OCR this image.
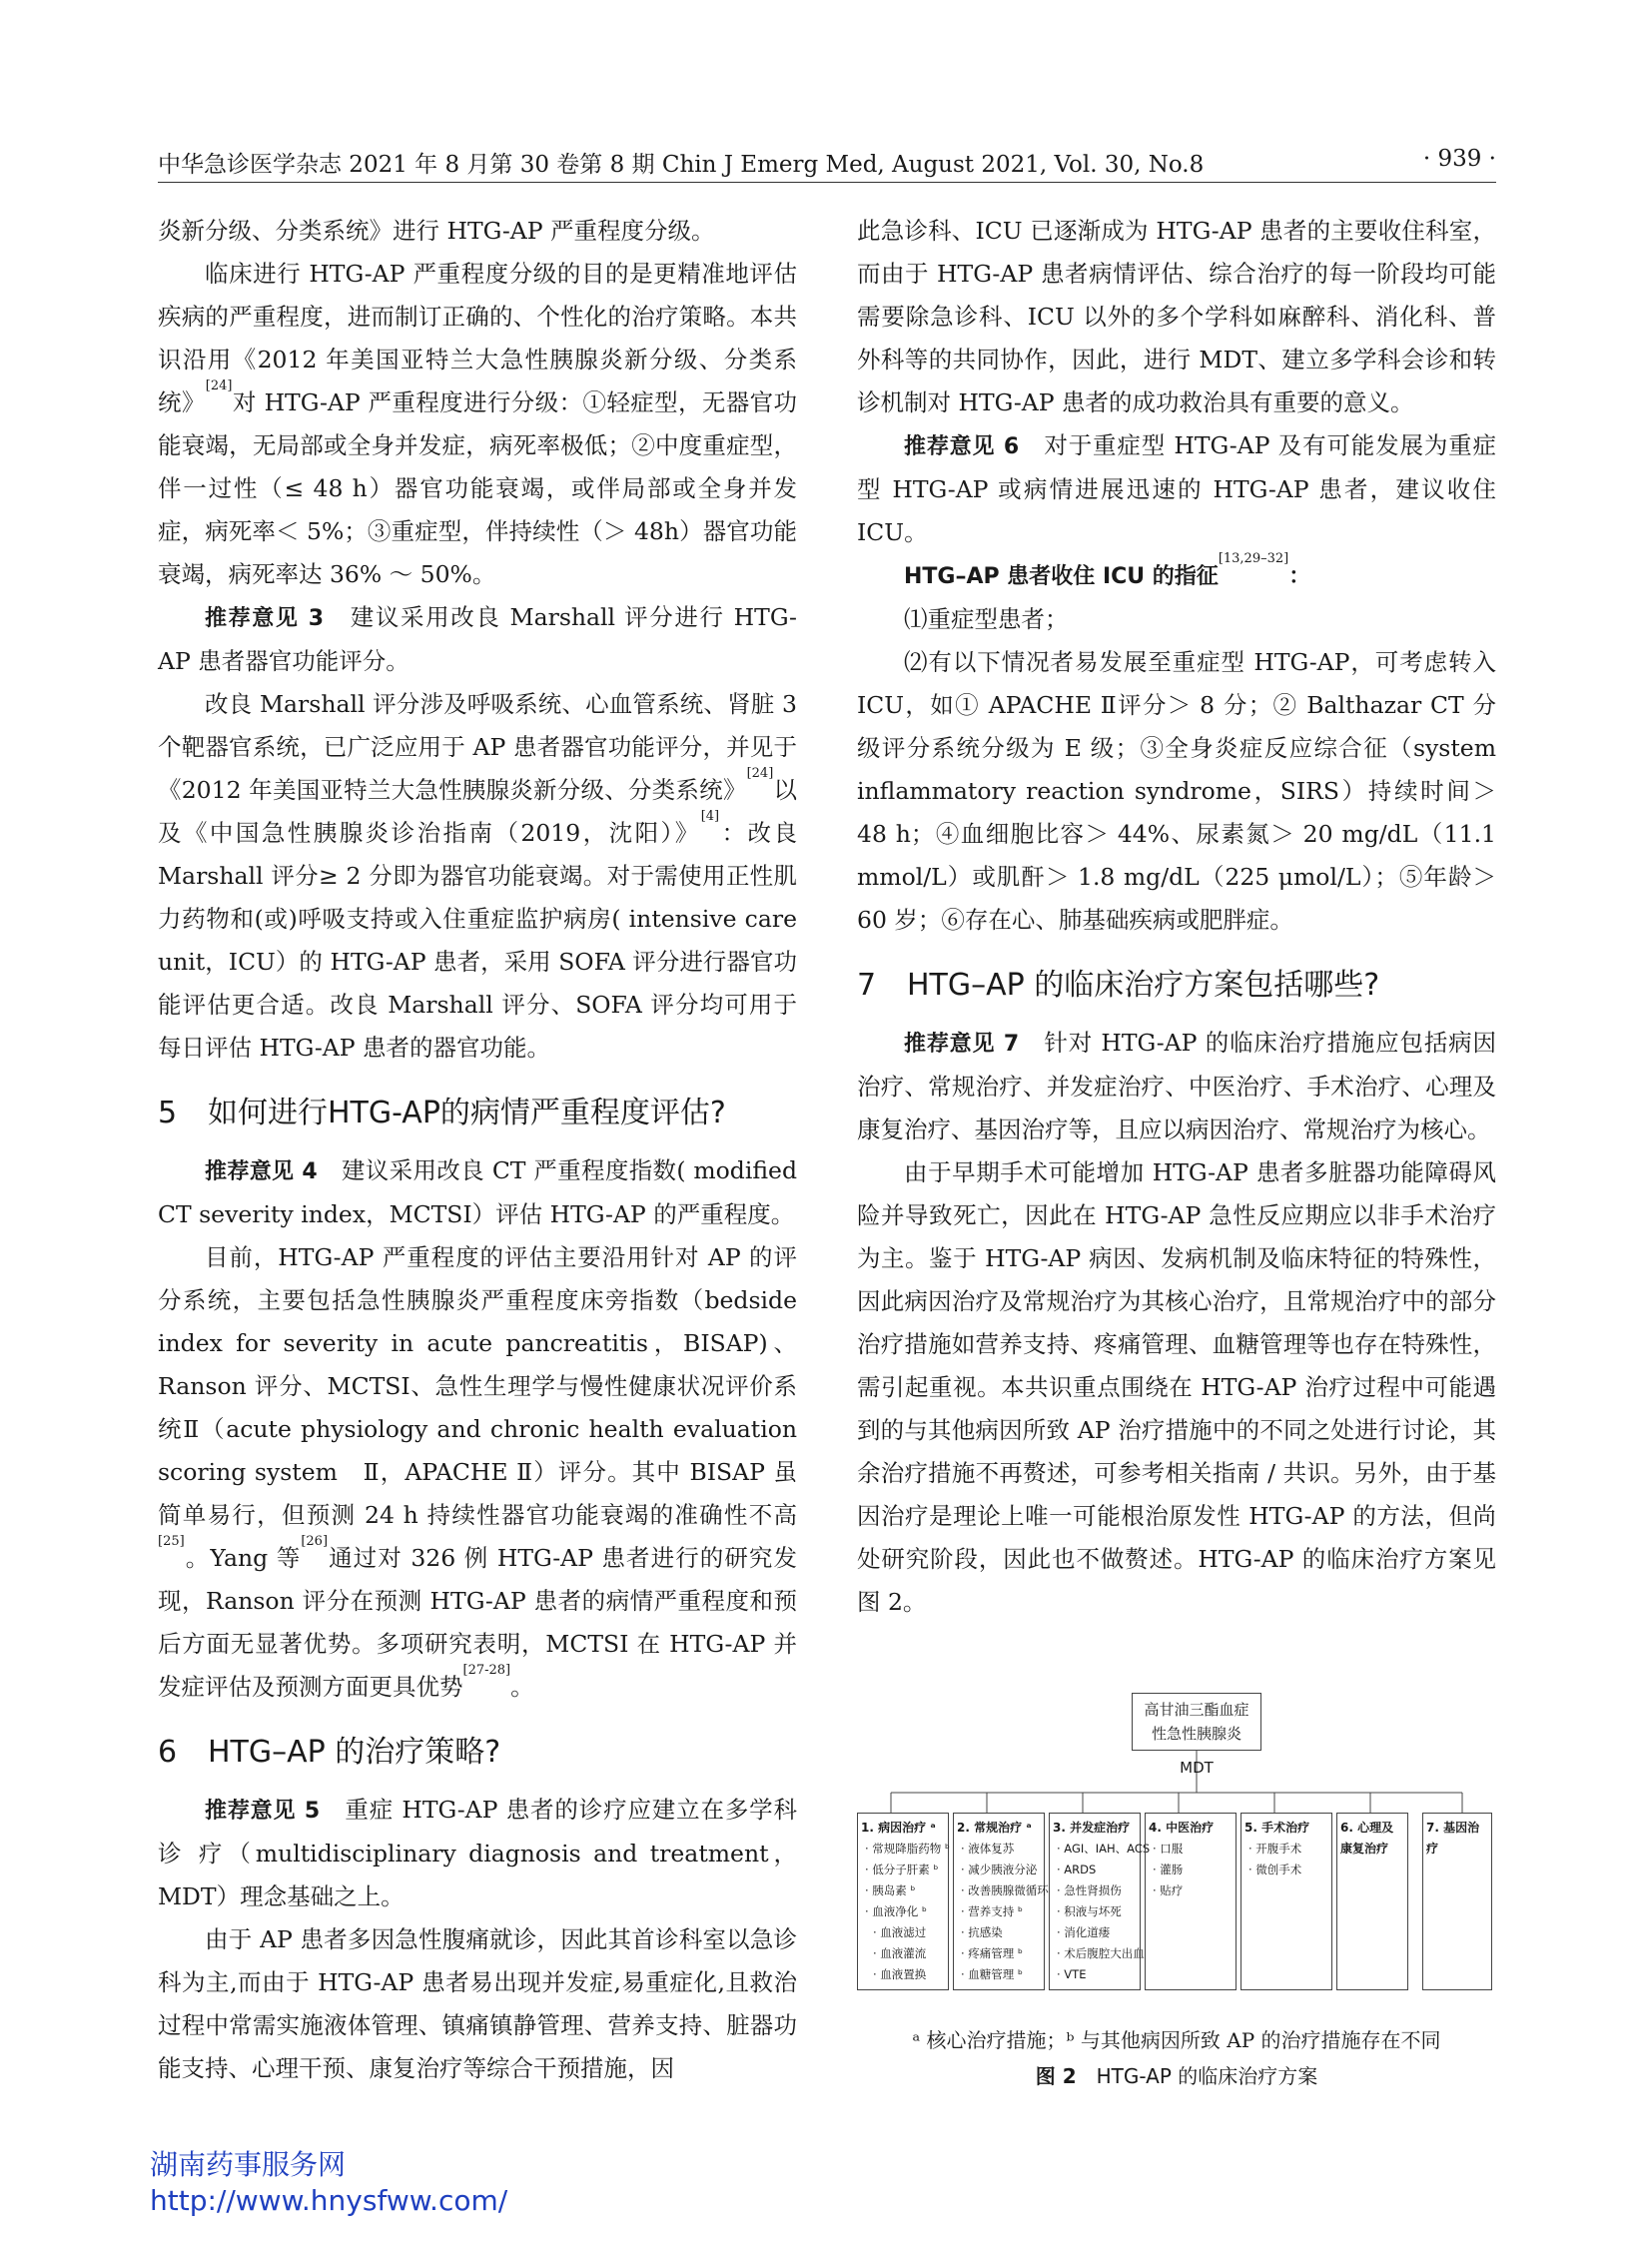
中华急诊医学杂志 2021 年 8 月第 30 卷第 8 期 Chin J Emerg Med, August 2021, Vol. 30, No.8	· 939 ·

炎新分级、分类系统》进行 HTG-AP 严重程度分级。

临床进行 HTG-AP 严重程度分级的目的是更精准地评估疾病的严重程度，进而制订正确的、个性化的治疗策略。本共识沿用《2012 年美国亚特兰大急性胰腺炎新分级、分类系统》[24]对 HTG-AP 严重程度进行分级：①轻症型，无器官功能衰竭，无局部或全身并发症，病死率极低；②中度重症型，伴一过性（≤ 48 h）器官功能衰竭，或伴局部或全身并发症，病死率＜ 5%；③重症型，伴持续性（＞ 48h）器官功能衰竭，病死率达 36% ～ 50%。

推荐意见 3　建议采用改良 Marshall 评分进行 HTG-AP 患者器官功能评分。

改良 Marshall 评分涉及呼吸系统、心血管系统、肾脏 3 个靶器官系统，已广泛应用于 AP 患者器官功能评分，并见于《2012 年美国亚特兰大急性胰腺炎新分级、分类系统》[24]以及《中国急性胰腺炎诊治指南（2019，沈阳）》[4]：改良 Marshall 评分≥ 2 分即为器官功能衰竭。对于需使用正性肌力药物和(或)呼吸支持或入住重症监护病房( intensive care unit，ICU）的 HTG-AP 患者，采用 SOFA 评分进行器官功能评估更合适。改良 Marshall 评分、SOFA 评分均可用于每日评估 HTG-AP 患者的器官功能。

5 如何进行HTG-AP的病情严重程度评估?

推荐意见 4　建议采用改良 CT 严重程度指数( modified CT severity index，MCTSI）评估 HTG-AP 的严重程度。

目前，HTG-AP 严重程度的评估主要沿用针对 AP 的评分系统，主要包括急性胰腺炎严重程度床旁指数（bedside index for severity in acute pancreatitis，BISAP)、Ranson 评分、MCTSI、急性生理学与慢性健康状况评价系统Ⅱ（acute physiology and chronic health evaluation scoring system　Ⅱ，APACHE Ⅱ）评分。其中 BISAP 虽简单易行，但预测 24 h 持续性器官功能衰竭的准确性不高[25]。Yang 等[26]通过对 326 例 HTG-AP 患者进行的研究发现，Ranson 评分在预测 HTG-AP 患者的病情严重程度和预后方面无显著优势。多项研究表明，MCTSI 在 HTG-AP 并发症评估及预测方面更具优势[27-28]。

6 HTG–AP 的治疗策略?

推荐意见 5　重症 HTG-AP 患者的诊疗应建立在多学科 诊 疗（multidisciplinary diagnosis and treatment，MDT）理念基础之上。

由于 AP 患者多因急性腹痛就诊，因此其首诊科室以急诊科为主,而由于 HTG-AP 患者易出现并发症,易重症化,且救治过程中常需实施液体管理、镇痛镇静管理、营养支持、脏器功能支持、心理干预、康复治疗等综合干预措施，因

此急诊科、ICU 已逐渐成为 HTG-AP 患者的主要收住科室，而由于 HTG-AP 患者病情评估、综合治疗的每一阶段均可能需要除急诊科、ICU 以外的多个学科如麻醉科、消化科、普外科等的共同协作，因此，进行 MDT、建立多学科会诊和转诊机制对 HTG-AP 患者的成功救治具有重要的意义。

推荐意见 6　对于重症型 HTG-AP 及有可能发展为重症型 HTG-AP 或病情进展迅速的 HTG-AP 患者，建议收住 ICU。

HTG–AP 患者收住 ICU 的指征[13,29–32]：

⑴重症型患者；

⑵有以下情况者易发展至重症型 HTG-AP，可考虑转入 ICU，如① APACHE Ⅱ评分＞ 8 分；② Balthazar CT 分级评分系统分级为 E 级；③全身炎症反应综合征（system inflammatory reaction syndrome，SIRS）持续时间＞ 48 h；④血细胞比容＞ 44%、尿素氮＞ 20 mg/dL（11.1 mmol/L）或肌酐＞ 1.8 mg/dL（225 μmol/L）；⑤年龄＞ 60 岁；⑥存在心、肺基础疾病或肥胖症。

7 HTG–AP 的临床治疗方案包括哪些?

推荐意见 7　针对 HTG-AP 的临床治疗措施应包括病因治疗、常规治疗、并发症治疗、中医治疗、手术治疗、心理及康复治疗、基因治疗等，且应以病因治疗、常规治疗为核心。

由于早期手术可能增加 HTG-AP 患者多脏器功能障碍风险并导致死亡，因此在 HTG-AP 急性反应期应以非手术治疗为主。鉴于 HTG-AP 病因、发病机制及临床特征的特殊性，因此病因治疗及常规治疗为其核心治疗，且常规治疗中的部分治疗措施如营养支持、疼痛管理、血糖管理等也存在特殊性，需引起重视。本共识重点围绕在 HTG-AP 治疗过程中可能遇到的与其他病因所致 AP 治疗措施中的不同之处进行讨论，其余治疗措施不再赘述，可参考相关指南 / 共识。另外，由于基因治疗是理论上唯一可能根治原发性 HTG-AP 的方法，但尚处研究阶段，因此也不做赘述。HTG-AP 的临床治疗方案见图 2。

高甘油三酯血症
性急性胰腺炎
MDT
1. 病因治疗 ᵃ
· 常规降脂药物 ᵇ
· 低分子肝素 ᵇ
· 胰岛素 ᵇ
· 血液净化 ᵇ
· 血液滤过
· 血液灌流
· 血液置换
2. 常规治疗 ᵃ
· 液体复苏
· 减少胰液分泌
· 改善胰腺微循环
· 营养支持 ᵇ
· 抗感染
· 疼痛管理 ᵇ
· 血糖管理 ᵇ
3. 并发症治疗
· AGI、IAH、ACS
· ARDS
· 急性肾损伤
· 积液与坏死
· 消化道瘘
· 术后腹腔大出血
· VTE
4. 中医治疗
· 口服
· 灌肠
· 贴疗
5. 手术治疗
· 开腹手术
· 微创手术
6. 心理及康复治疗
7. 基因治疗
ᵃ 核心治疗措施；ᵇ 与其他病因所致 AP 的治疗措施存在不同
图 2　HTG-AP 的临床治疗方案
湖南药事服务网
http://www.hnysfww.com/
